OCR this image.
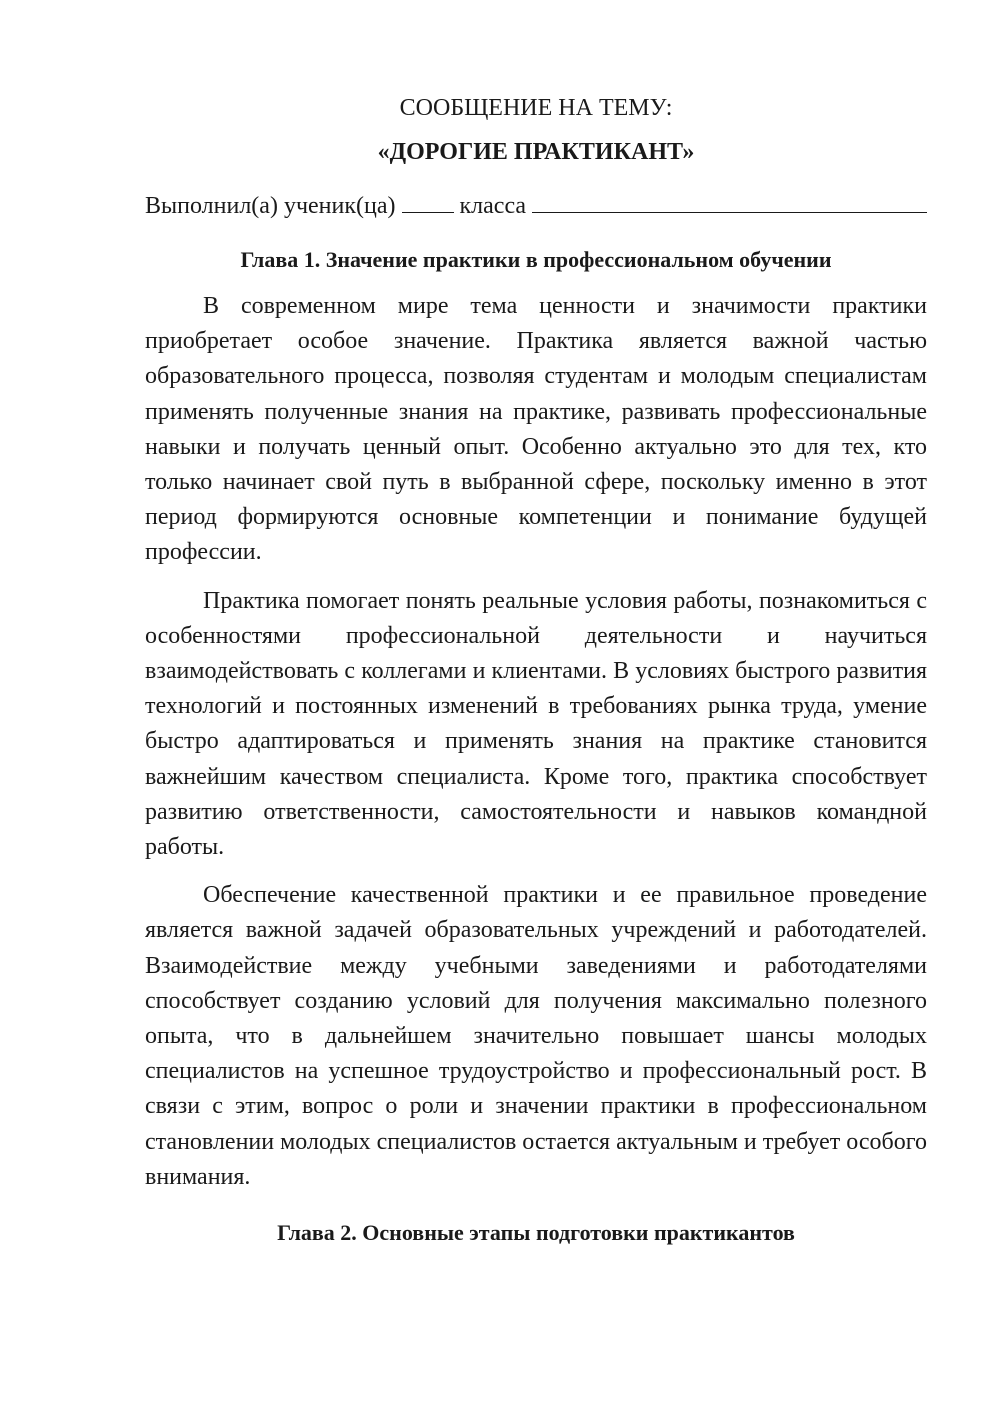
СООБЩЕНИЕ НА ТЕМУ:

«ДОРОГИЕ ПРАКТИКАНТ»

Выполнил(а) ученик(ца)	класса
Глава 1. Значение практики в профессиональном обучении

В современном мире тема ценности и значимости практики приобретает особое значение. Практика является важной частью образовательного процесса, позволяя студентам и молодым специалистам применять полученные знания на практике, развивать профессиональные навыки и получать ценный опыт. Особенно актуально это для тех, кто только начинает свой путь в выбранной сфере, поскольку именно в этот период формируются основные компетенции и понимание будущей профессии.

Практика помогает понять реальные условия работы, познакомиться с особенностями профессиональной деятельности и научиться взаимодействовать с коллегами и клиентами. В условиях быстрого развития технологий и постоянных изменений в требованиях рынка труда, умение быстро адаптироваться и применять знания на практике становится важнейшим качеством специалиста. Кроме того, практика способствует развитию ответственности, самостоятельности и навыков командной работы.

Обеспечение качественной практики и ее правильное проведение является важной задачей образовательных учреждений и работодателей. Взаимодействие между учебными заведениями и работодателями способствует созданию условий для получения максимально полезного опыта, что в дальнейшем значительно повышает шансы молодых специалистов на успешное трудоустройство и профессиональный рост. В связи с этим, вопрос о роли и значении практики в профессиональном становлении молодых специалистов остается актуальным и требует особого внимания.

Глава 2. Основные этапы подготовки практикантов
